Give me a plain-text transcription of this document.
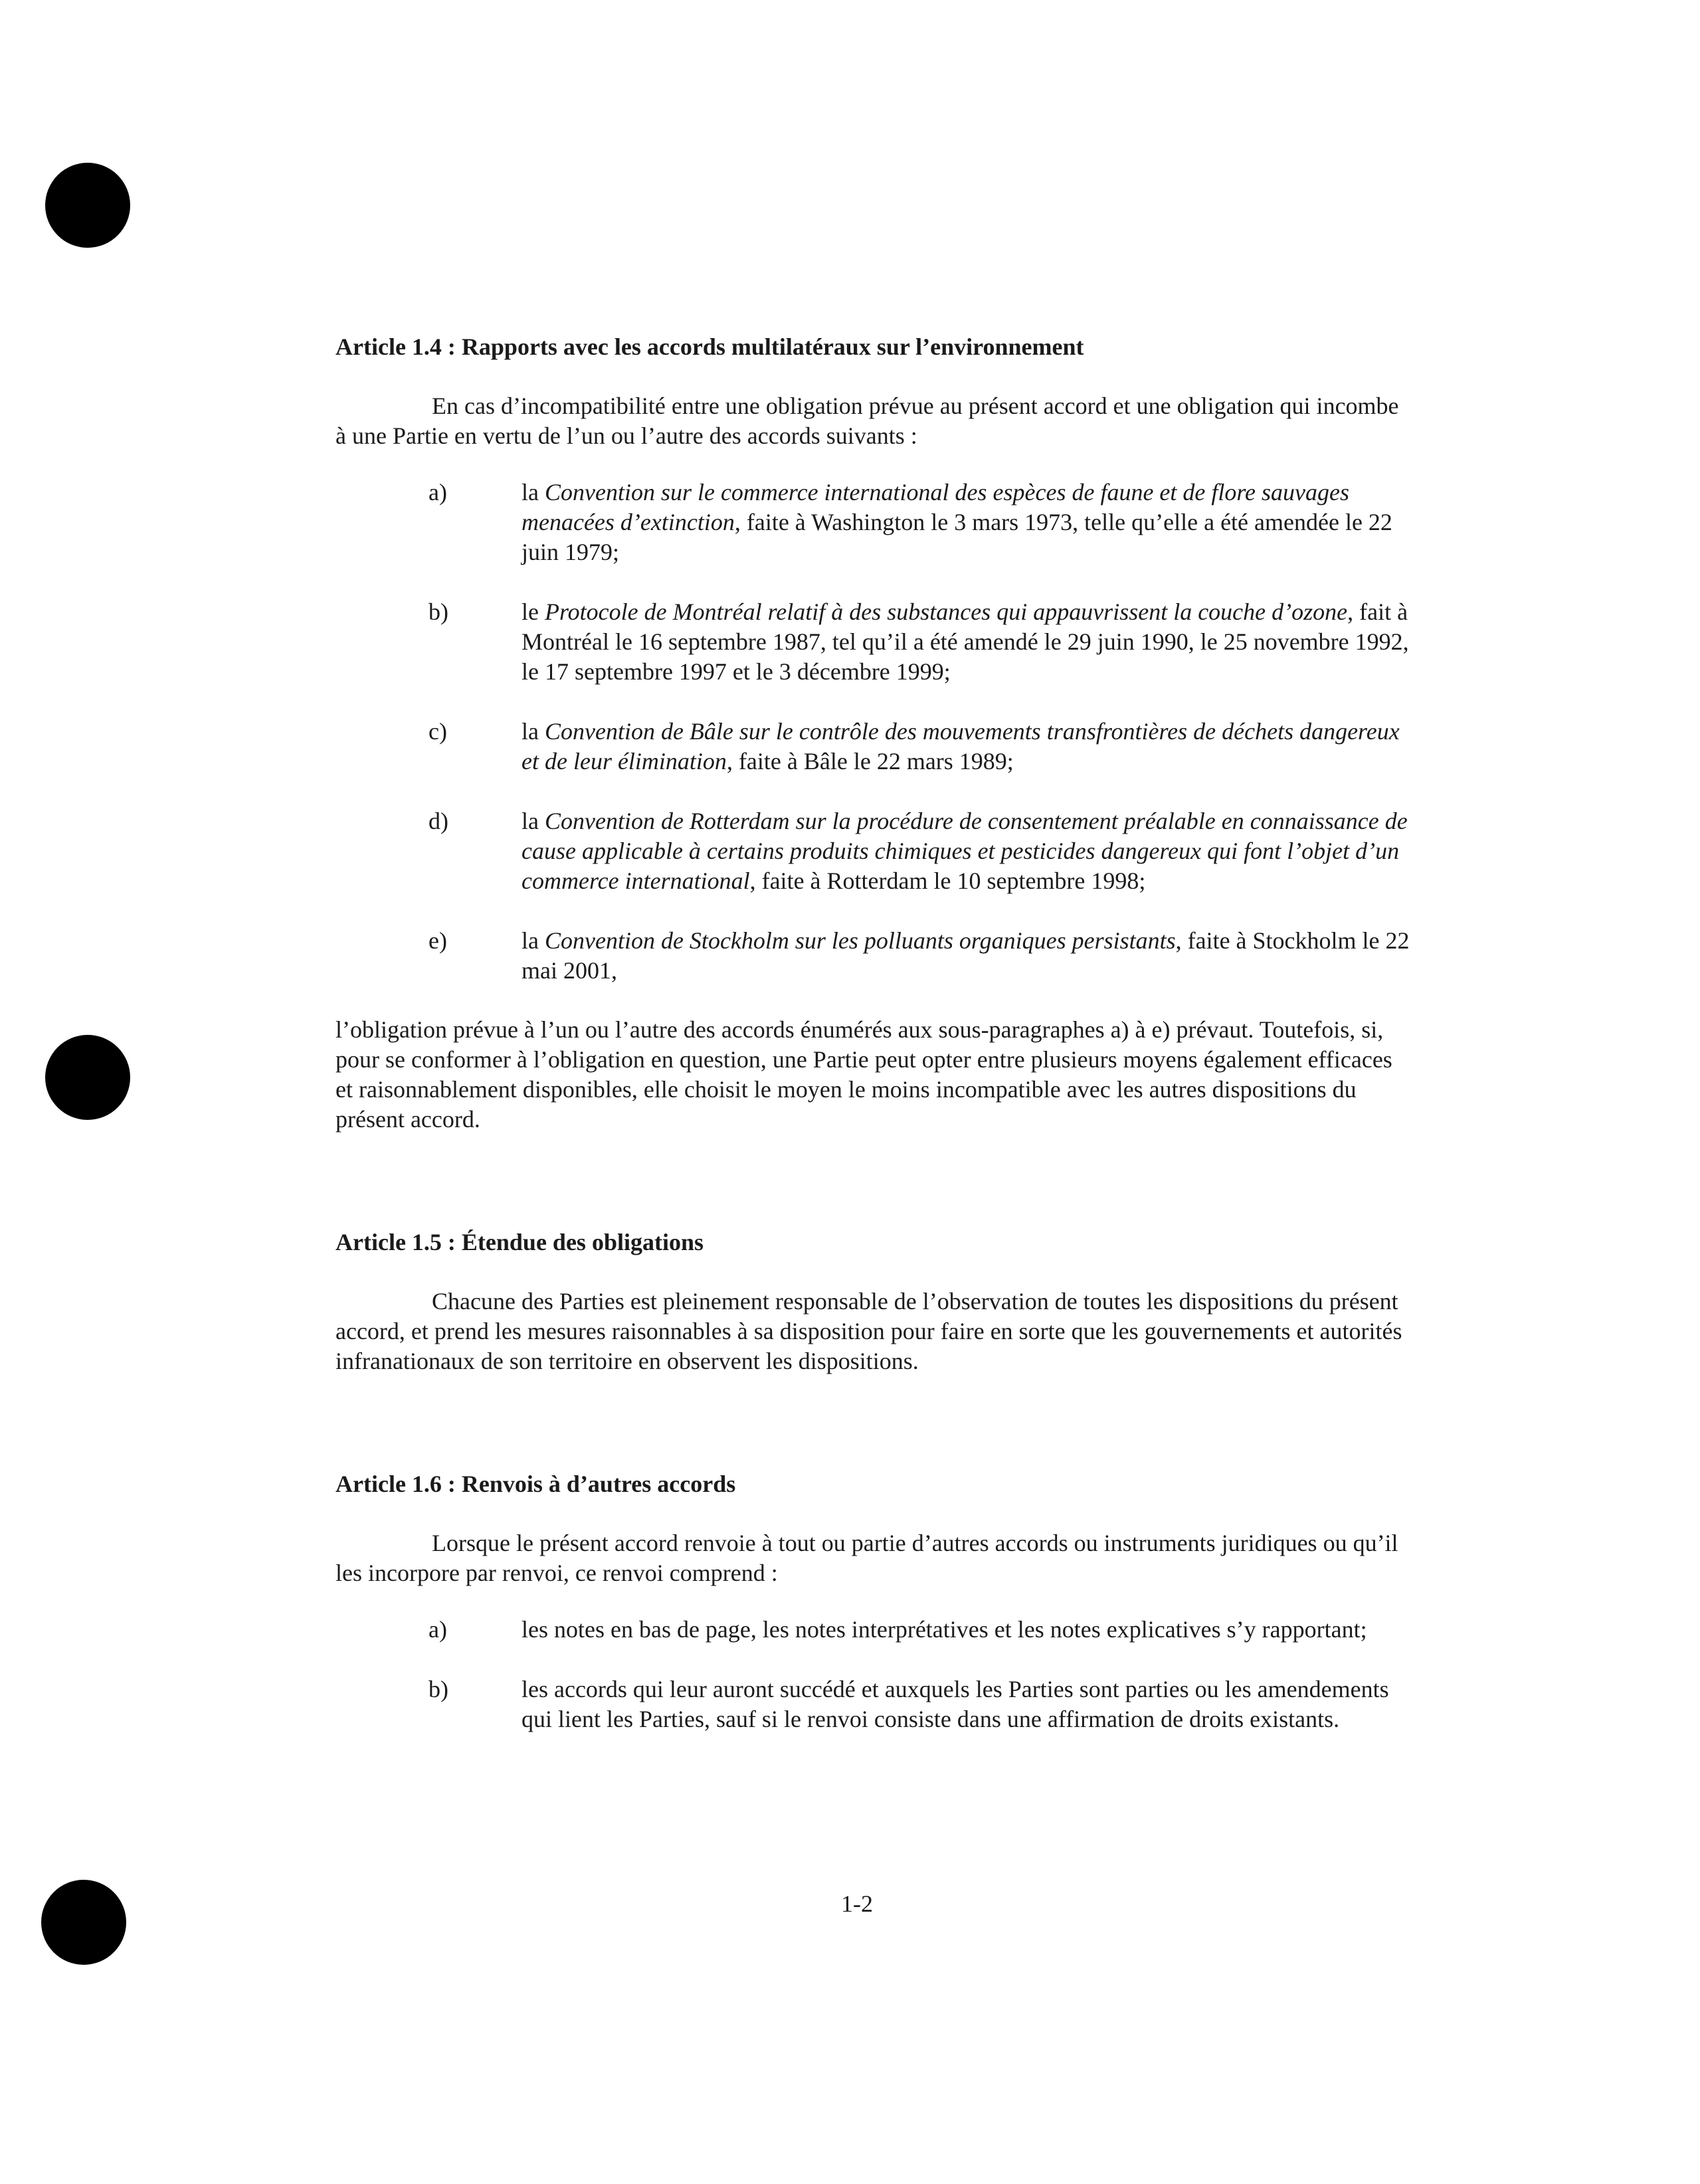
Article 1.4 : Rapports avec les accords multilatéraux sur l’environnement

En cas d’incompatibilité entre une obligation prévue au présent accord et une obligation qui incombe à une Partie en vertu de l’un ou l’autre des accords suivants :

a)	la Convention sur le commerce international des espèces de faune et de flore sauvages menacées d’extinction, faite à Washington le 3 mars 1973, telle qu’elle a été amendée le 22 juin 1979;
b)	le Protocole de Montréal relatif à des substances qui appauvrissent la couche d’ozone, fait à Montréal le 16 septembre 1987, tel qu’il a été amendé le 29 juin 1990, le 25 novembre 1992, le 17 septembre 1997 et le 3 décembre 1999;
c)	la Convention de Bâle sur le contrôle des mouvements transfrontières de déchets dangereux et de leur élimination, faite à Bâle le 22 mars 1989;
d)	la Convention de Rotterdam sur la procédure de consentement préalable en connaissance de cause applicable à certains produits chimiques et pesticides dangereux qui font l’objet d’un commerce international, faite à Rotterdam le 10 septembre 1998;
e)	la Convention de Stockholm sur les polluants organiques persistants, faite à Stockholm le 22 mai 2001,

l’obligation prévue à l’un ou l’autre des accords énumérés aux sous-paragraphes a) à e) prévaut. Toutefois, si, pour se conformer à l’obligation en question, une Partie peut opter entre plusieurs moyens également efficaces et raisonnablement disponibles, elle choisit le moyen le moins incompatible avec les autres dispositions du présent accord.

Article 1.5 : Étendue des obligations

Chacune des Parties est pleinement responsable de l’observation de toutes les dispositions du présent accord, et prend les mesures raisonnables à sa disposition pour faire en sorte que les gouvernements et autorités infranationaux de son territoire en observent les dispositions.

Article 1.6 : Renvois à d’autres accords

Lorsque le présent accord renvoie à tout ou partie d’autres accords ou instruments juridiques ou qu’il les incorpore par renvoi, ce renvoi comprend :

a)	les notes en bas de page, les notes interprétatives et les notes explicatives s’y rapportant;
b)	les accords qui leur auront succédé et auxquels les Parties sont parties ou les amendements qui lient les Parties, sauf si le renvoi consiste dans une affirmation de droits existants.
1-2
